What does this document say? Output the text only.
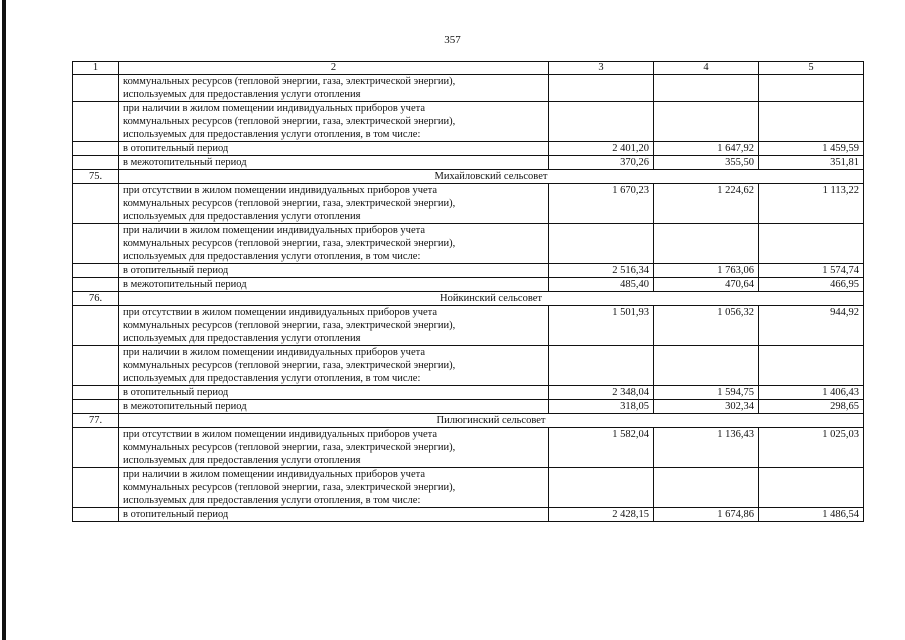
357
1	2	3	4	5

	коммунальных ресурсов (тепловой энергии, газа, электрической энергии),
используемых для предоставления услуги отопления			

	при наличии в жилом помещении индивидуальных приборов учета
коммунальных ресурсов (тепловой энергии, газа, электрической энергии),
используемых для предоставления услуги отопления, в том числе:			

	в отопительный период	2 401,20	1 647,92	1 459,59

	в межотопительный период	370,26	355,50	351,81
75.	Михайловский сельсовет			

	при отсутствии в жилом помещении индивидуальных приборов учета
коммунальных ресурсов (тепловой энергии, газа, электрической энергии),
используемых для предоставления услуги отопления	1 670,23	1 224,62	1 113,22

	при наличии в жилом помещении индивидуальных приборов учета
коммунальных ресурсов (тепловой энергии, газа, электрической энергии),
используемых для предоставления услуги отопления, в том числе:			

	в отопительный период	2 516,34	1 763,06	1 574,74

	в межотопительный период	485,40	470,64	466,95
76.	Нойкинский сельсовет			

	при отсутствии в жилом помещении индивидуальных приборов учета
коммунальных ресурсов (тепловой энергии, газа, электрической энергии),
используемых для предоставления услуги отопления	1 501,93	1 056,32	944,92

	при наличии в жилом помещении индивидуальных приборов учета
коммунальных ресурсов (тепловой энергии, газа, электрической энергии),
используемых для предоставления услуги отопления, в том числе:			

	в отопительный период	2 348,04	1 594,75	1 406,43

	в межотопительный период	318,05	302,34	298,65
77.	Пилюгинский сельсовет			

	при отсутствии в жилом помещении индивидуальных приборов учета
коммунальных ресурсов (тепловой энергии, газа, электрической энергии),
используемых для предоставления услуги отопления	1 582,04	1 136,43	1 025,03

	при наличии в жилом помещении индивидуальных приборов учета
коммунальных ресурсов (тепловой энергии, газа, электрической энергии),
используемых для предоставления услуги отопления, в том числе:			

	в отопительный период	2 428,15	1 674,86	1 486,54
